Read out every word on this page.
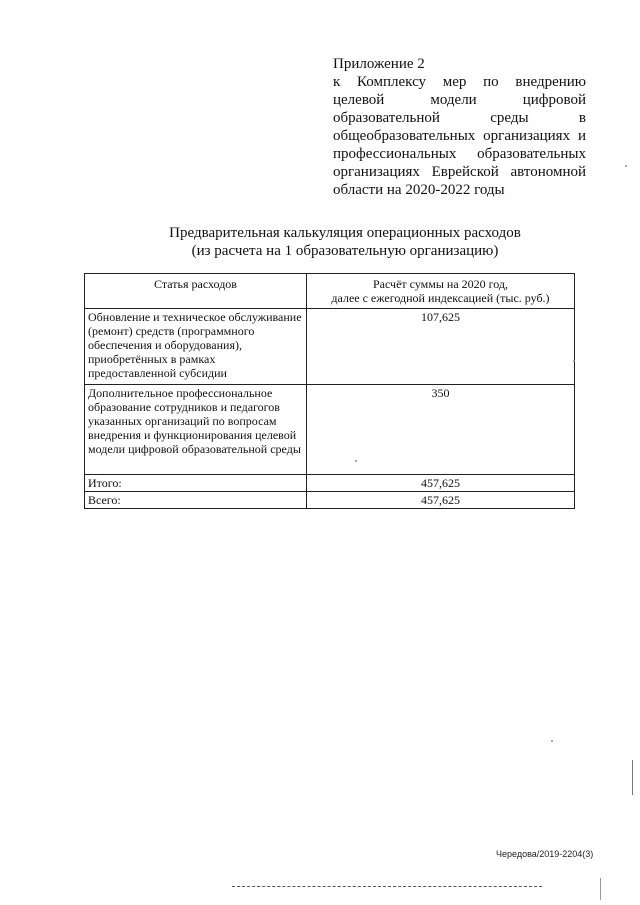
Приложение 2
к Комплексу мер по внедрению целевой модели цифровой образовательной среды в общеобразовательных организациях и профессиональных образовательных организациях Еврейской автономной области на 2020-2022 годы
Предварительная калькуляция операционных расходов
(из расчета на 1 образовательную организацию)
Статья расходов	Расчёт суммы на 2020 год,
далее с ежегодной индексацией (тыс. руб.)

Обновление и техническое обслуживание (ремонт) средств (программного обеспечения и оборудования), приобретённых в рамках предоставленной субсидии	107,625
Дополнительное профессиональное образование сотрудников и педагогов указанных организаций по вопросам внедрения и функционирования целевой модели цифровой образовательной среды	350
Итого:	457,625
Всего:	457,625
Чередова/2019-2204(3)
